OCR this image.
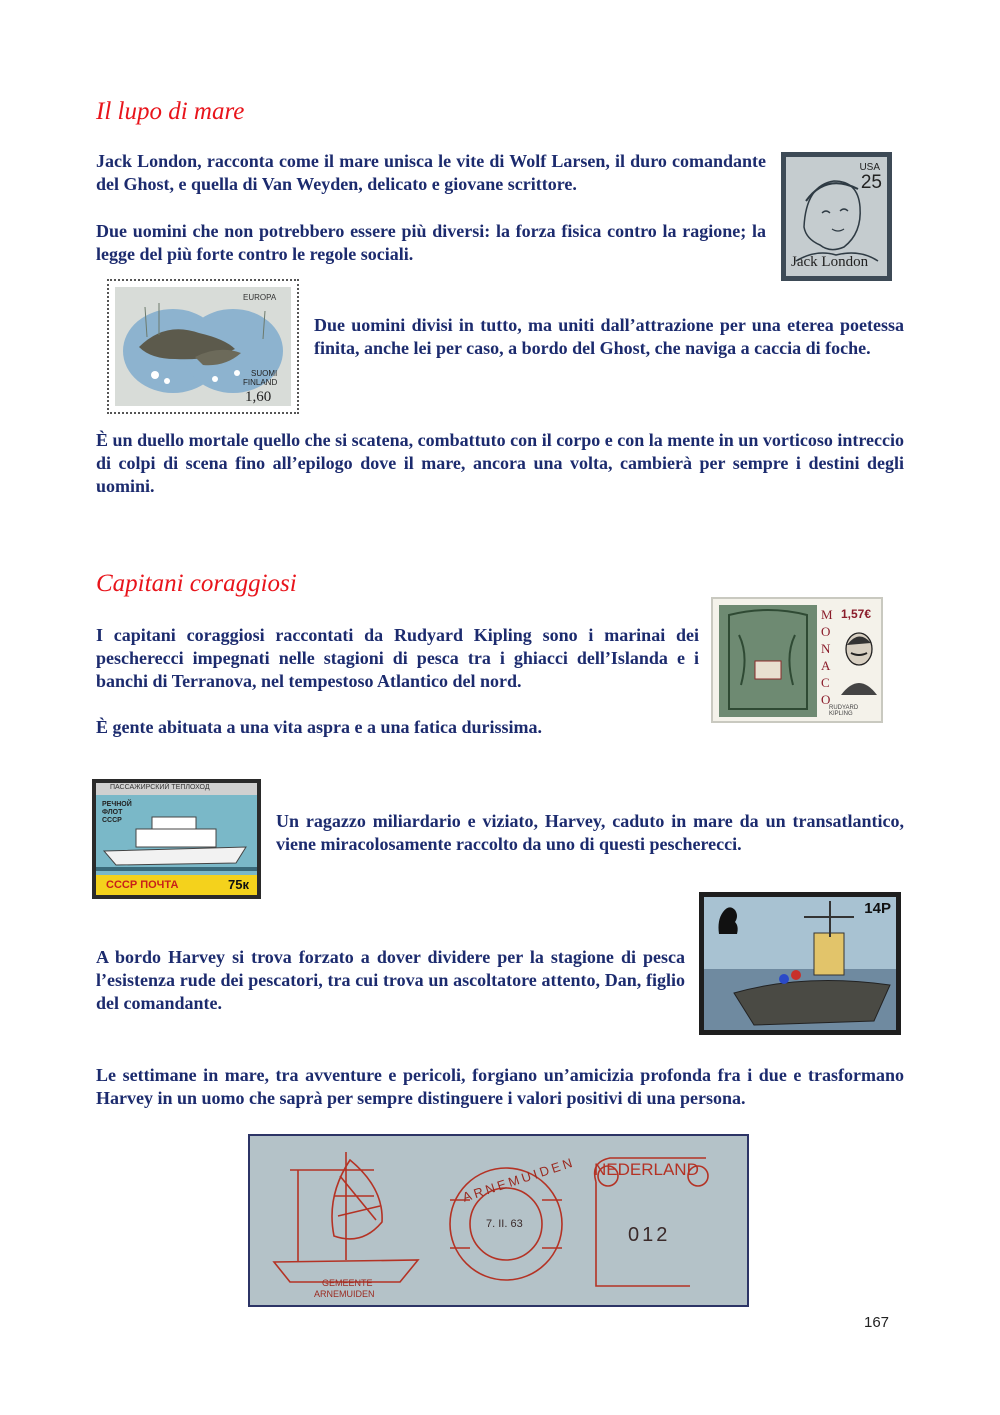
Il lupo di mare

Jack London, racconta come il mare unisca le vite di Wolf Larsen, il duro comandante del Ghost, e quella di Van Weyden, delicato e giovane scrittore.

Due uomini che non potrebbero essere più diversi: la forza fisica contro la ragione; la legge del più forte contro le regole sociali.

USA
25
Jack London
EUROPA
SUOMI
FINLAND
1,60

Due uomini divisi in tutto, ma uniti dall’attrazione per una eterea poetessa finita, anche lei per caso, a bordo del Ghost, che naviga a caccia di foche.

È un duello mortale quello che si scatena, combattuto con il corpo e con la mente in un vorticoso intreccio di colpi di scena fino all’epilogo dove il mare, ancora una volta, cambierà per sempre i destini degli uomini.

Capitani coraggiosi

I capitani coraggiosi raccontati da Rudyard Kipling sono i marinai dei pescherecci impegnati nelle stagioni di pesca tra i ghiacci dell’Islanda e i banchi di Terranova, nel tempestoso Atlantico del nord.

È gente abituata a una vita aspra e a una fatica durissima.

M
O
N
A
C
O
1,57€
RUDYARD KIPLING
ПАССАЖИРСКИЙ ТЕПЛОХОД
РЕЧНОЙ ФЛОТ СССР
СССР ПОЧТА	75к

Un ragazzo miliardario e viziato, Harvey, caduto in mare da un transatlantico, viene miracolosamente raccolto da uno di questi pescherecci.

14P

A bordo Harvey si trova forzato a dover dividere per la stagione di pesca l’esistenza rude dei pescatori, tra cui trova un ascoltatore attento, Dan, figlio del comandante.

Le settimane in mare, tra avventure e pericoli, forgiano un’amicizia profonda fra i due e trasformano Harvey in un uomo che saprà per sempre distinguere i valori positivi di una persona.

ARNEMUIDEN
7. II. 63
NEDERLAND
012
GEMEENTE
ARNEMUIDEN
167
